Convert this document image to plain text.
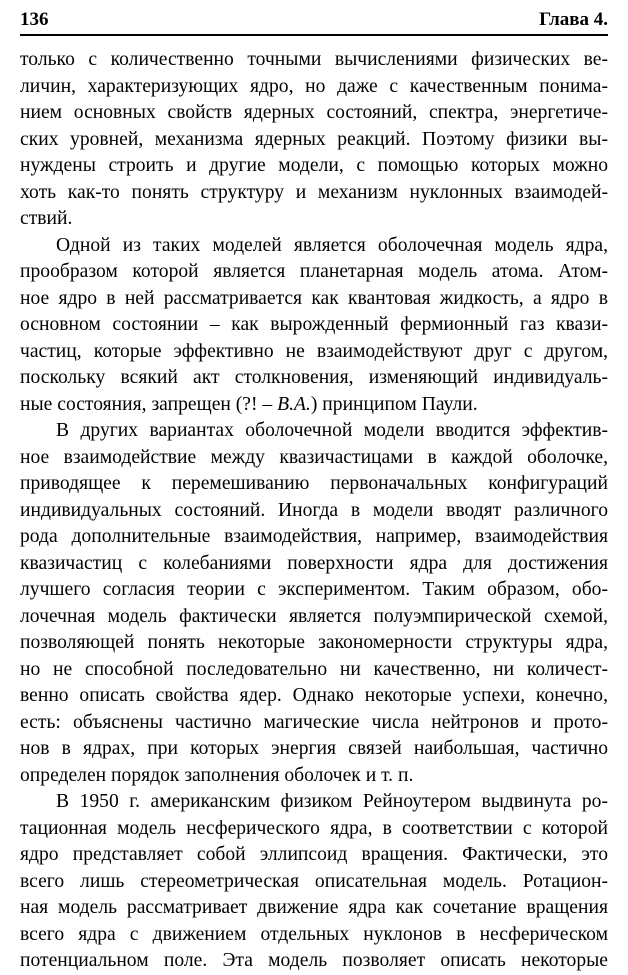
136	Глава 4.
только с количественно точными вычислениями физических ве-
личин, характеризующих ядро, но даже с качественным понима-
нием основных свойств ядерных состояний, спектра, энергетиче-
ских уровней, механизма ядерных реакций. Поэтому физики вы-
нуждены строить и другие модели, с помощью которых можно
хоть как-то понять структуру и механизм нуклонных взаимодей-
ствий.
Одной из таких моделей является оболочечная модель ядра,
прообразом которой является планетарная модель атома. Атом-
ное ядро в ней рассматривается как квантовая жидкость, а ядро в
основном состоянии – как вырожденный фермионный газ квази-
частиц, которые эффективно не взаимодействуют друг с другом,
поскольку всякий акт столкновения, изменяющий индивидуаль-
ные состояния, запрещен (?! – В.А.) принципом Паули.
В других вариантах оболочечной модели вводится эффектив-
ное взаимодействие между квазичастицами в каждой оболочке,
приводящее к перемешиванию первоначальных конфигураций
индивидуальных состояний. Иногда в модели вводят различного
рода дополнительные взаимодействия, например, взаимодействия
квазичастиц с колебаниями поверхности ядра для достижения
лучшего согласия теории с экспериментом. Таким образом, обо-
лочечная модель фактически является полуэмпирической схемой,
позволяющей понять некоторые закономерности структуры ядра,
но не способной последовательно ни качественно, ни количест-
венно описать свойства ядер. Однако некоторые успехи, конечно,
есть: объяснены частично магические числа нейтронов и прото-
нов в ядрах, при которых энергия связей наибольшая, частично
определен порядок заполнения оболочек и т. п.
В 1950 г. американским физиком Рейноутером выдвинута ро-
тационная модель несферического ядра, в соответствии с которой
ядро представляет собой эллипсоид вращения. Фактически, это
всего лишь стереометрическая описательная модель. Ротацион-
ная модель рассматривает движение ядра как сочетание вращения
всего ядра с движением отдельных нуклонов в несферическом
потенциальном поле. Эта модель позволяет описать некоторые
